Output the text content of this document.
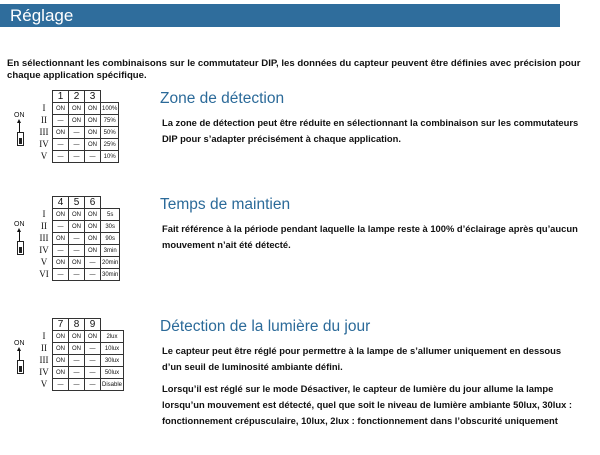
Réglage
En sélectionnant les combinaisons sur le commutateur DIP, les données du capteur peuvent être définies avec précision pour chaque application spécifique.
ON
	1	2	3	
I	ON	ON	ON	100%
II	—	ON	ON	75%
III	ON	—	ON	50%
IV	—	—	ON	25%
V	—	—	—	10%
Zone de détection

La zone de détection peut être réduite en sélectionnant la combinaison sur les commutateurs DIP pour s’adapter précisément à chaque application.

ON
	4	5	6	
I	ON	ON	ON	5s
II	—	ON	ON	30s
III	ON	—	ON	90s
IV	—	—	ON	3min
V	ON	ON	—	20min
VI	—	—	—	30min
Temps de maintien

Fait référence à la période pendant laquelle la lampe reste à 100% d’éclairage après qu’aucun mouvement n’ait été détecté.

ON
	7	8	9	
I	ON	ON	ON	2lux
II	ON	ON	—	10lux
III	ON	—	—	30lux
IV	ON	—	—	50lux
V	—	—	—	Disable
Détection de la lumière du jour

Le capteur peut être réglé pour permettre à la lampe de s’allumer uniquement en dessous d’un seuil de luminosité ambiante défini.

Lorsqu’il est réglé sur le mode Désactiver, le capteur de lumière du jour allume la lampe lorsqu’un mouvement est détecté, quel que soit le niveau de lumière ambiante 50lux, 30lux : fonctionnement crépusculaire, 10lux, 2lux : fonctionnement dans l’obscurité uniquement
